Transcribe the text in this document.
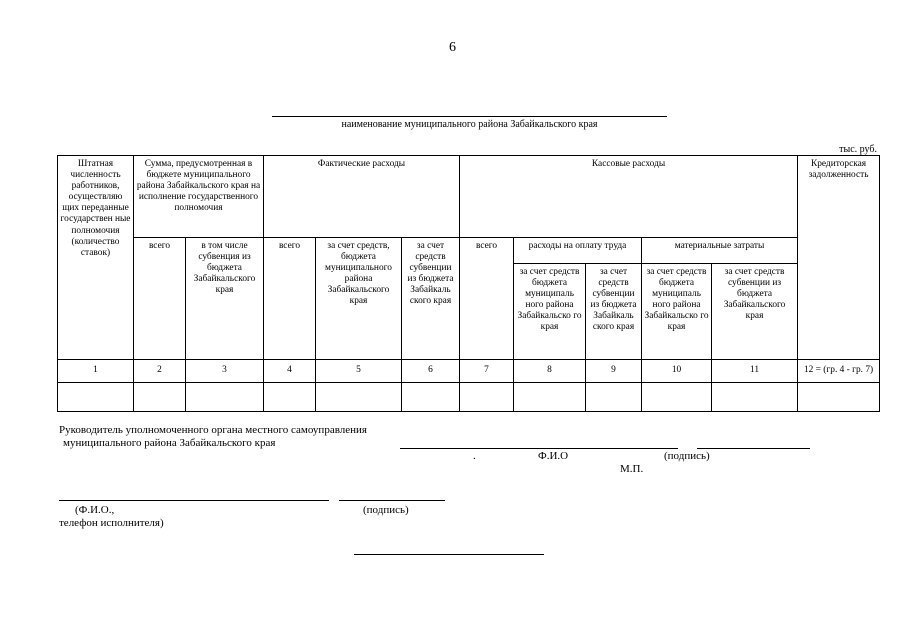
6
наименование муниципального района Забайкальского края
тыс. руб.
Штатная численность работников, осуществляю щих переданные государствен ные полномочия (количество ставок)	Сумма, предусмотренная в бюджете муниципального района Забайкальского края на исполнение государственного полномочия		Фактические расходы			Кассовые расходы					Кредиторская задолженность
	всего	в том числе субвенция из бюджета Забайкальского края	всего	за счет средств, бюджета муниципального района Забайкальского края	за счет средств субвенции из бюджета Забайкаль ского края	всего	расходы на оплату труда		материальные затраты		
							за счет средств бюджета муниципаль ного района Забайкальско го края	за счет средств субвенции из бюджета Забайкаль ского края	за счет средств бюджета муниципаль ного района Забайкальско го края	за счет средств субвенции из бюджета Забайкальского края	
1	2	3	4	5	6	7	8	9	10	11	12 = (гр. 4 - гр. 7)

Руководитель уполномоченного органа местного самоуправления
муниципального района Забайкальского края
.	Ф.И.О	(подпись)
М.П.
(Ф.И.О.,	(подпись)
телефон исполнителя)
